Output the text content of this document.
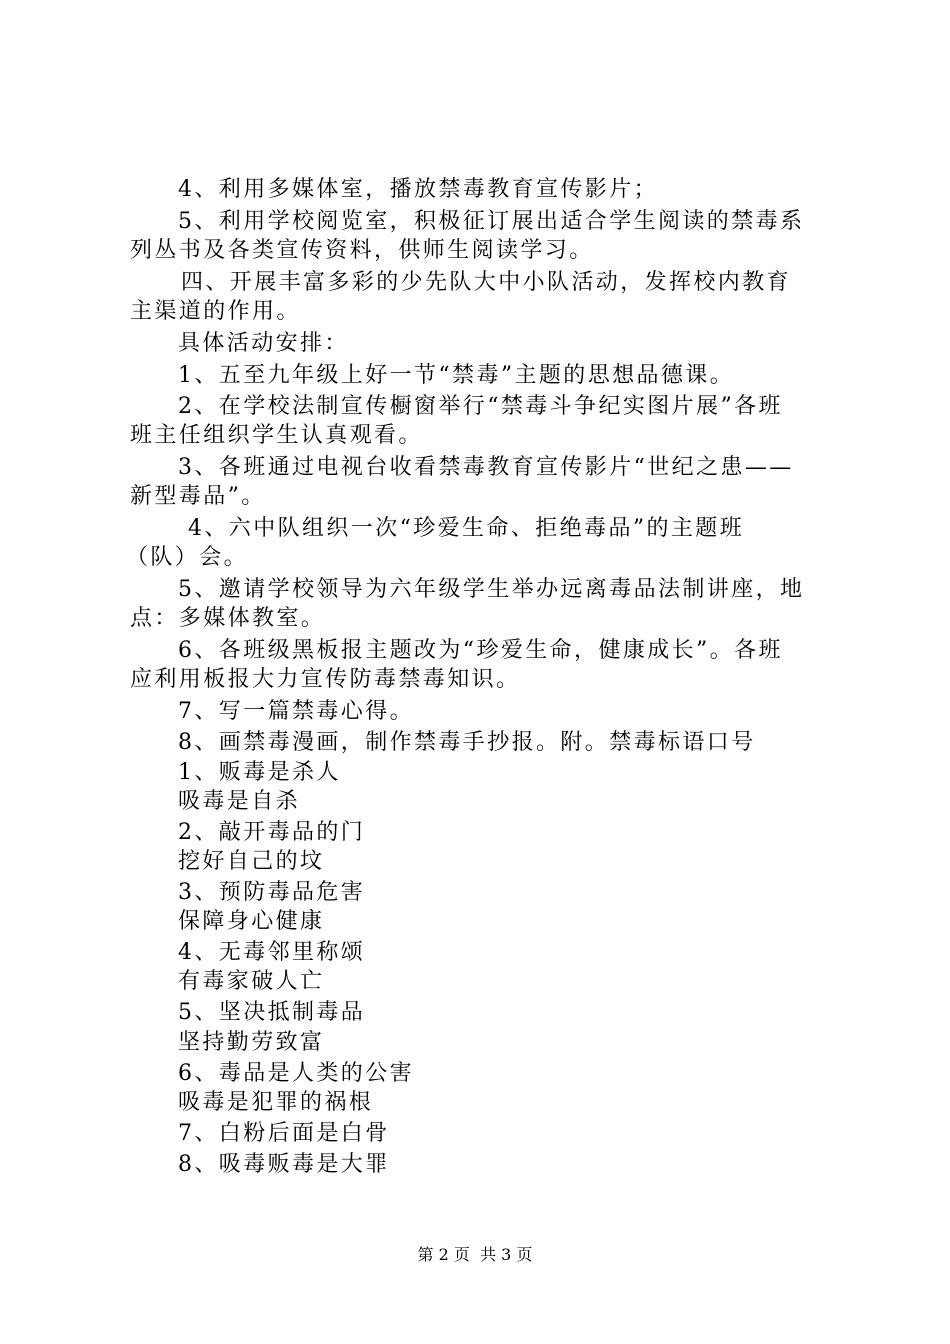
4、利用多媒体室，播放禁毒教育宣传影片；
5、利用学校阅览室，积极征订展出适合学生阅读的禁毒系
列丛书及各类宣传资料，供师生阅读学习。
四、开展丰富多彩的少先队大中小队活动，发挥校内教育
主渠道的作用。
具体活动安排：
1、五至九年级上好一节“禁毒”主题的思想品德课。
2、在学校法制宣传橱窗举行“禁毒斗争纪实图片展”各班
班主任组织学生认真观看。
3、各班通过电视台收看禁毒教育宣传影片“世纪之患——
新型毒品”。
4、六中队组织一次“珍爱生命、拒绝毒品”的主题班
（队）会。
5、邀请学校领导为六年级学生举办远离毒品法制讲座，地
点：多媒体教室。
6、各班级黑板报主题改为“珍爱生命，健康成长”。各班
应利用板报大力宣传防毒禁毒知识。
7、写一篇禁毒心得。
8、画禁毒漫画，制作禁毒手抄报。附。禁毒标语口号
1、贩毒是杀人
吸毒是自杀
2、敲开毒品的门
挖好自己的坟
3、预防毒品危害
保障身心健康
4、无毒邻里称颂
有毒家破人亡
5、坚决抵制毒品
坚持勤劳致富
6、毒品是人类的公害
吸毒是犯罪的祸根
7、白粉后面是白骨
8、吸毒贩毒是大罪
第 2 页  共 3 页
